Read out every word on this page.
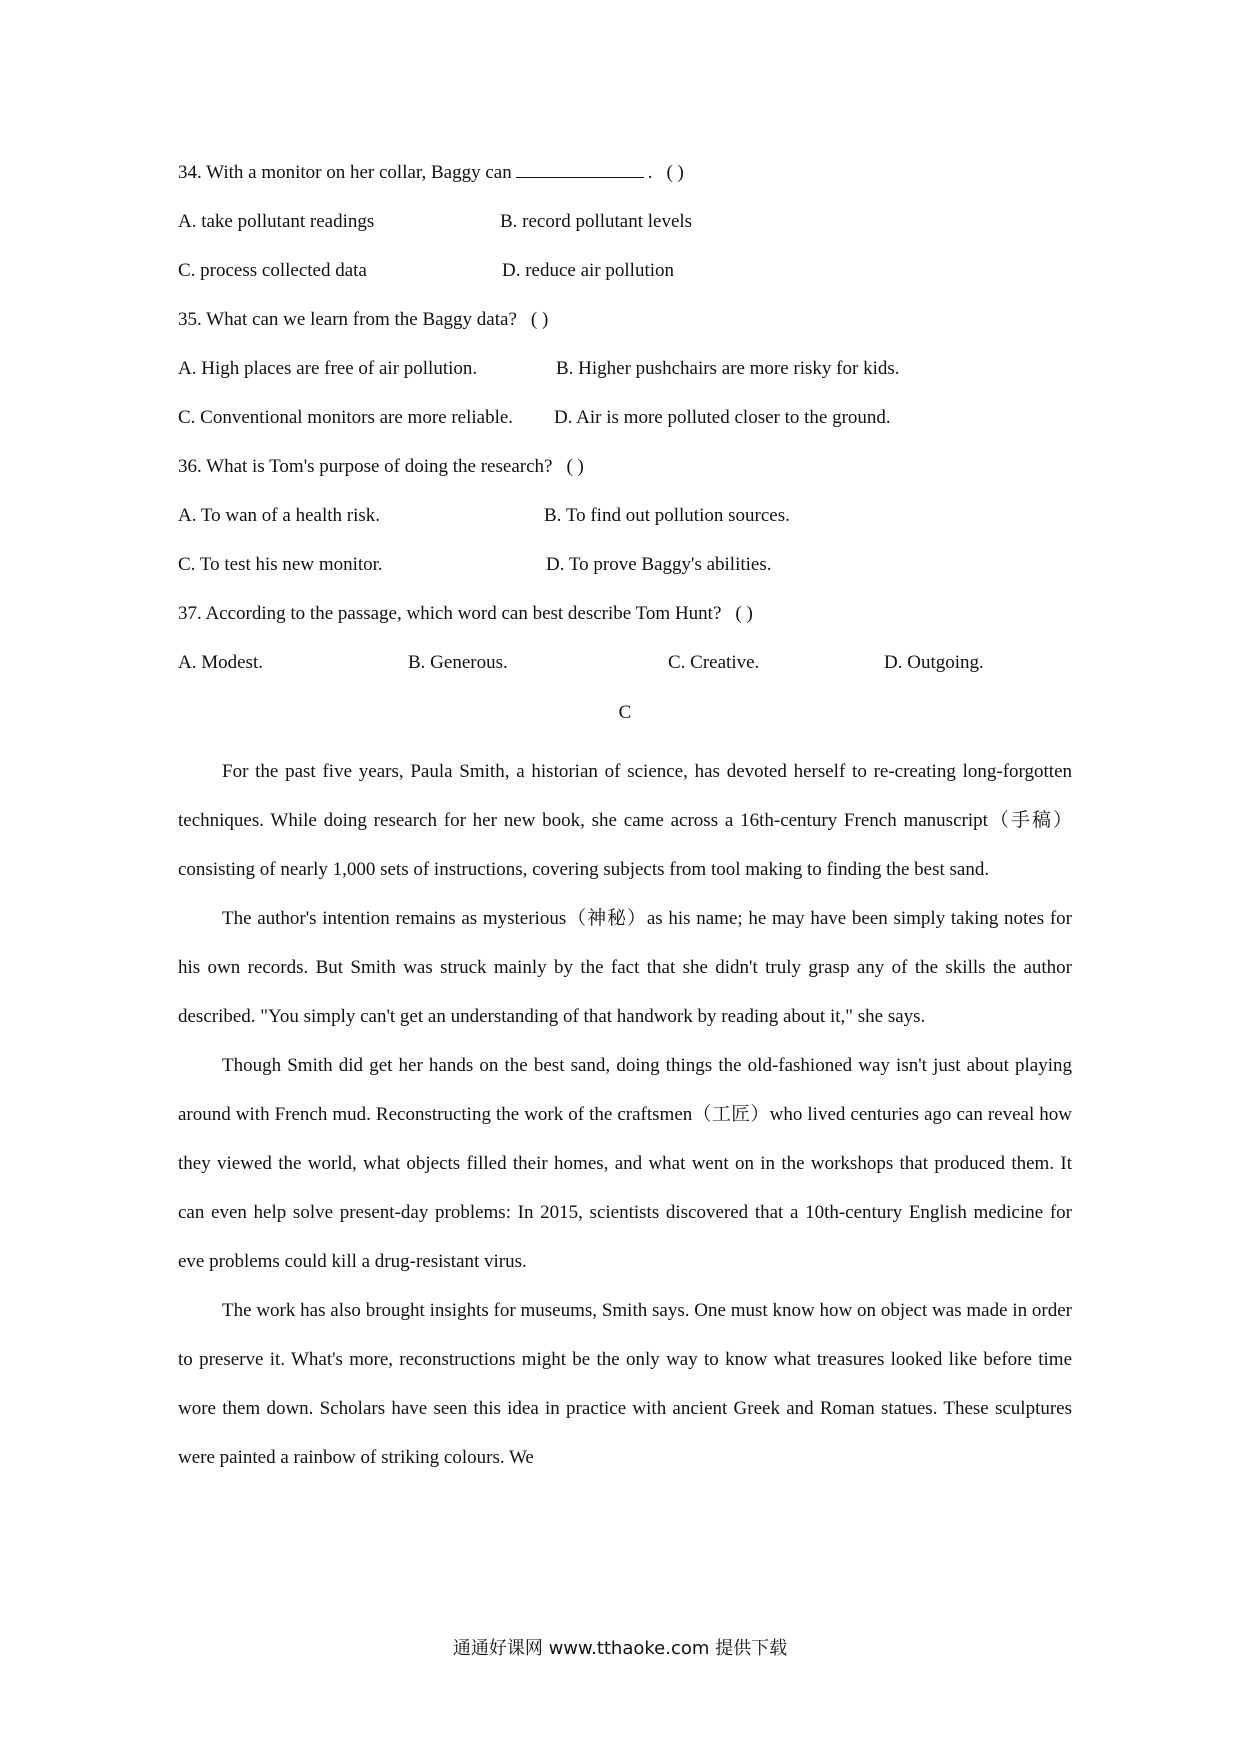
34. With a monitor on her collar, Baggy can	. ( )
A. take pollutant readings	B. record pollutant levels
C. process collected data	D. reduce air pollution
35. What can we learn from the Baggy data? ( )
A. High places are free of air pollution.	B. Higher pushchairs are more risky for kids.
C. Conventional monitors are more reliable. D. Air is more polluted closer to the ground.
36. What is Tom's purpose of doing the research? ( )
A. To wan of a health risk.	B. To find out pollution sources.
C. To test his new monitor.	D. To prove Baggy's abilities.
37. According to the passage, which word can best describe Tom Hunt? ( )
A. Modest.	B. Generous.	C. Creative.	D. Outgoing.
C

For the past five years, Paula Smith, a historian of science, has devoted herself to re-creating long-forgotten techniques. While doing research for her new book, she came across a 16th-century French manuscript（手稿）consisting of nearly 1,000 sets of instructions, covering subjects from tool making to finding the best sand.

The author's intention remains as mysterious（神秘）as his name; he may have been simply taking notes for his own records. But Smith was struck mainly by the fact that she didn't truly grasp any of the skills the author described. "You simply can't get an understanding of that handwork by reading about it," she says.

Though Smith did get her hands on the best sand, doing things the old-fashioned way isn't just about playing around with French mud. Reconstructing the work of the craftsmen（工匠）who lived centuries ago can reveal how they viewed the world, what objects filled their homes, and what went on in the workshops that produced them. It can even help solve present-day problems: In 2015, scientists discovered that a 10th-century English medicine for eve problems could kill a drug-resistant virus.

The work has also brought insights for museums, Smith says. One must know how on object was made in order to preserve it. What's more, reconstructions might be the only way to know what treasures looked like before time wore them down. Scholars have seen this idea in practice with ancient Greek and Roman statues. These sculptures were painted a rainbow of striking colours. We

通通好课网 www.tthaoke.com 提供下载
